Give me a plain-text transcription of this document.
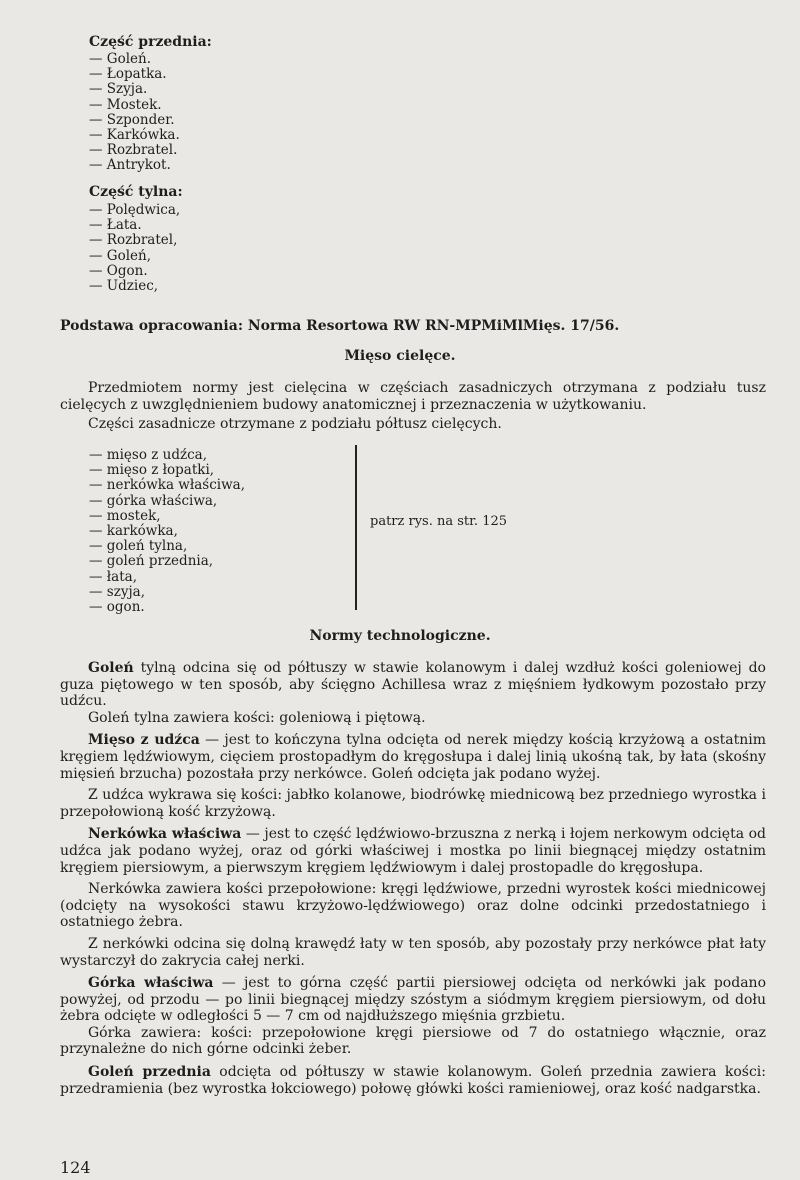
Część przednia:
— Goleń.
— Łopatka.
— Szyja.
— Mostek.
— Szponder.
— Karkówka.
— Rozbratel.
— Antrykot.
Część tylna:
— Polędwica,
— Łata.
— Rozbratel,
— Goleń,
— Ogon.
— Udziec,
Podstawa opracowania: Norma Resortowa RW RN-MPMiMlMięs. 17/56.
Mięso cielęce.

Przedmiotem normy jest cielęcina w częściach zasadniczych otrzymana z podziału tusz cielęcych z uwzględnieniem budowy anatomicznej i przeznaczenia w użytkowaniu.

Części zasadnicze otrzymane z podziału półtusz cielęcych.

— mięso z udźca,
— mięso z łopatki,
— nerkówka właściwa,
— górka właściwa,
— mostek,
— karkówka,
— goleń tylna,
— goleń przednia,
— łata,
— szyja,
— ogon.
patrz rys. na str. 125
Normy technologiczne.

Goleń tylną odcina się od półtuszy w stawie kolanowym i dalej wzdłuż kości goleniowej do guza piętowego w ten sposób, aby ścięgno Achillesa wraz z mięśniem łydkowym pozostało przy udźcu.

Goleń tylna zawiera kości: goleniową i piętową.

Mięso z udźca — jest to kończyna tylna odcięta od nerek między kością krzyżową a ostatnim kręgiem lędźwiowym, cięciem prostopadłym do kręgosłupa i dalej linią ukośną tak, by łata (skośny mięsień brzucha) pozostała przy nerkówce. Goleń odcięta jak podano wyżej.

Z udźca wykrawa się kości: jabłko kolanowe, biodrówkę miednicową bez przedniego wyrostka i przepołowioną kość krzyżową.

Nerkówka właściwa — jest to część lędźwiowo-brzuszna z nerką i łojem nerkowym odcięta od udźca jak podano wyżej, oraz od górki właściwej i mostka po linii biegnącej między ostatnim kręgiem piersiowym, a pierwszym kręgiem lędźwiowym i dalej prostopadle do kręgosłupa.

Nerkówka zawiera kości przepołowione: kręgi lędźwiowe, przedni wyrostek kości miednicowej (odcięty na wysokości stawu krzyżowo-lędźwiowego) oraz dolne odcinki przedostatniego i ostatniego żebra.

Z nerkówki odcina się dolną krawędź łaty w ten sposób, aby pozostały przy nerkówce płat łaty wystarczył do zakrycia całej nerki.

Górka właściwa — jest to górna część partii piersiowej odcięta od nerkówki jak podano powyżej, od przodu — po linii biegnącej między szóstym a siódmym kręgiem piersiowym, od dołu żebra odcięte w odległości 5 — 7 cm od najdłuższego mięśnia grzbietu.

Górka zawiera: kości: przepołowione kręgi piersiowe od 7 do ostatniego włącznie, oraz przynależne do nich górne odcinki żeber.

Goleń przednia odcięta od półtuszy w stawie kolanowym. Goleń przednia zawiera kości: przedramienia (bez wyrostka łokciowego) połowę główki kości ramieniowej, oraz kość nadgarstka.

124
